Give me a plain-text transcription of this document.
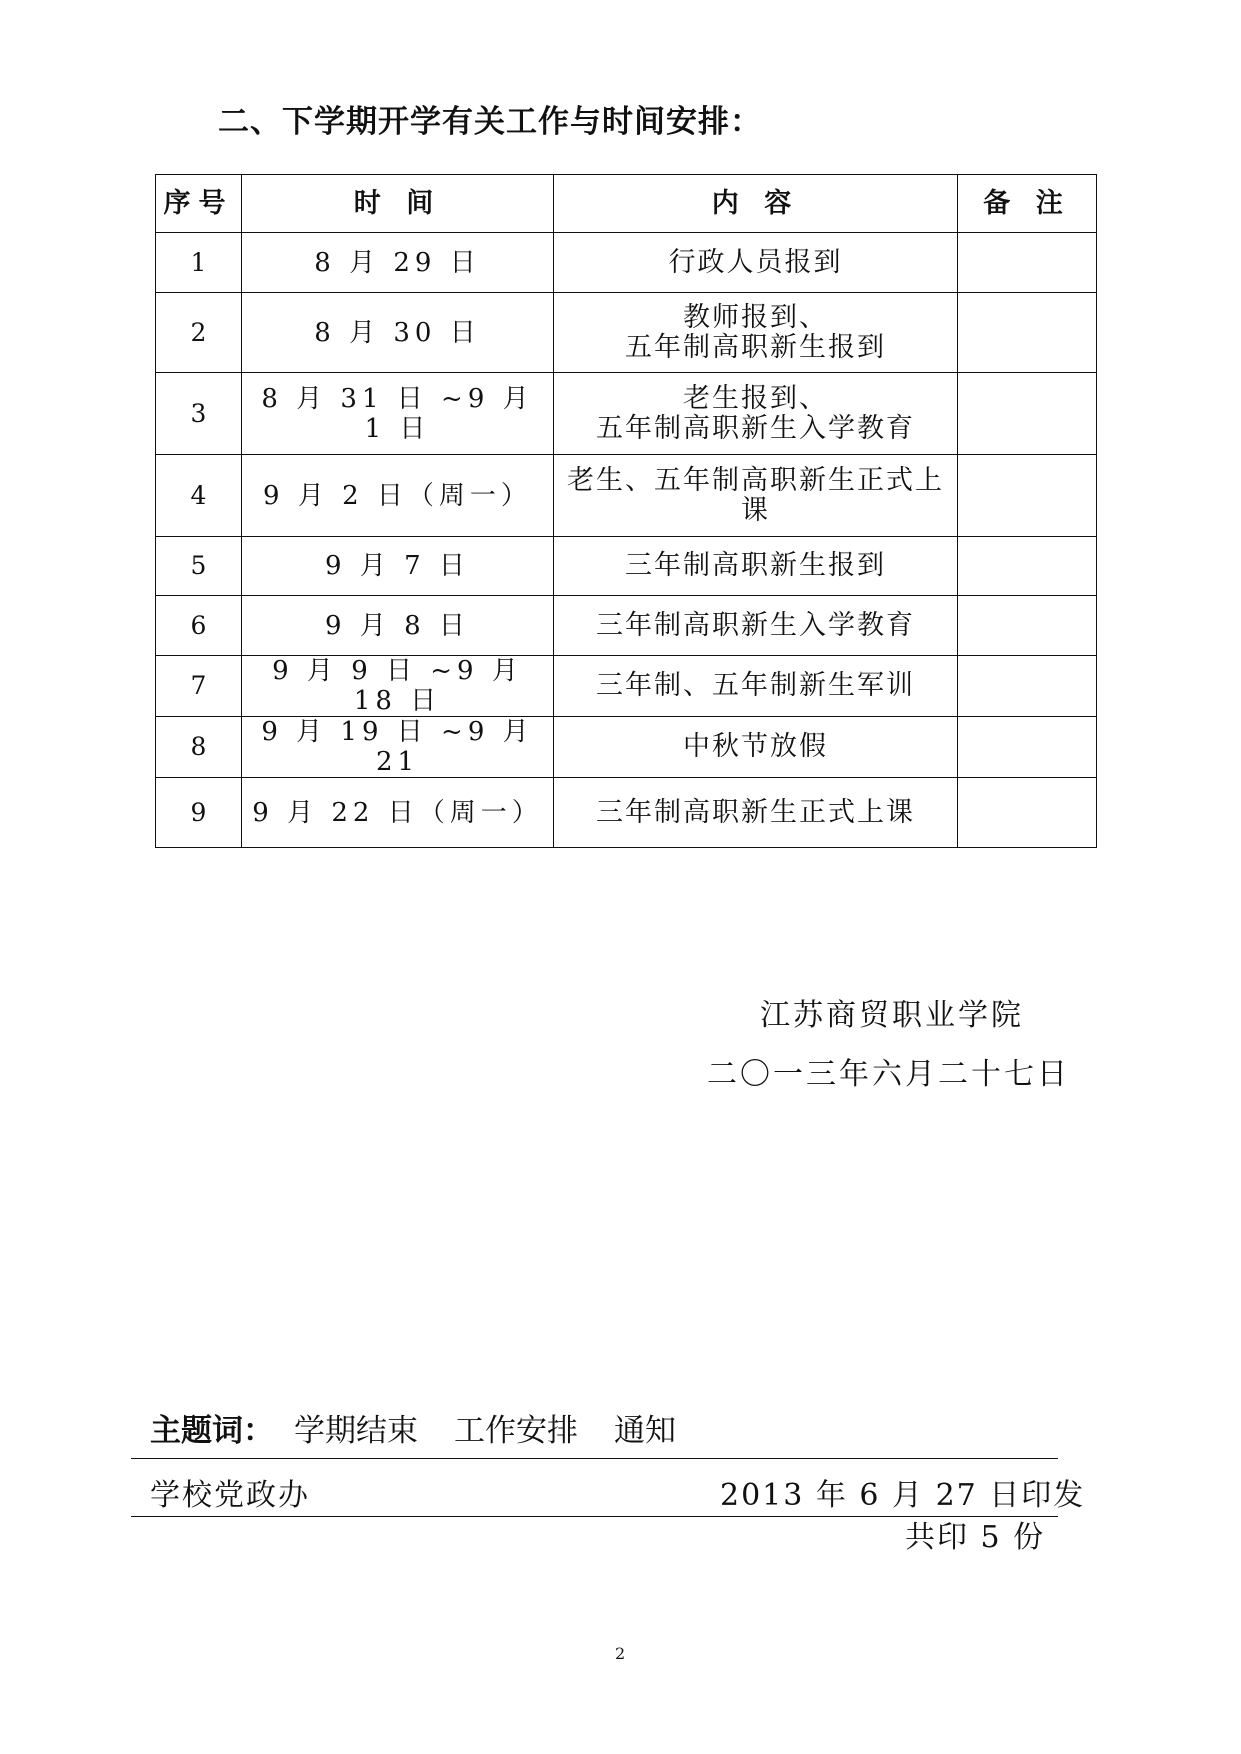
二、下学期开学有关工作与时间安排：
序号	时 间	内 容	备 注
1	8 月 29 日	行政人员报到	

2	8 月 30 日	教师报到、
五年制高职新生报到	

3	8 月 31 日 ~9 月 1 日	老生报到、
五年制高职新生入学教育	

4	9 月 2 日（周一）	老生、五年制高职新生正式上
课	

5	9 月 7 日	三年制高职新生报到	

6	9 月 8 日	三年制高职新生入学教育	

7	9 月 9 日 ~9 月 18 日	三年制、五年制新生军训	

8	9 月 19 日 ~9 月 21	中秋节放假	

9	9 月 22 日（周一）	三年制高职新生正式上课	

江苏商贸职业学院
二〇一三年六月二十七日
主题词： 学期结束 工作安排 通知
学校党政办	2013 年 6 月 27 日印发
共印 5 份
2
